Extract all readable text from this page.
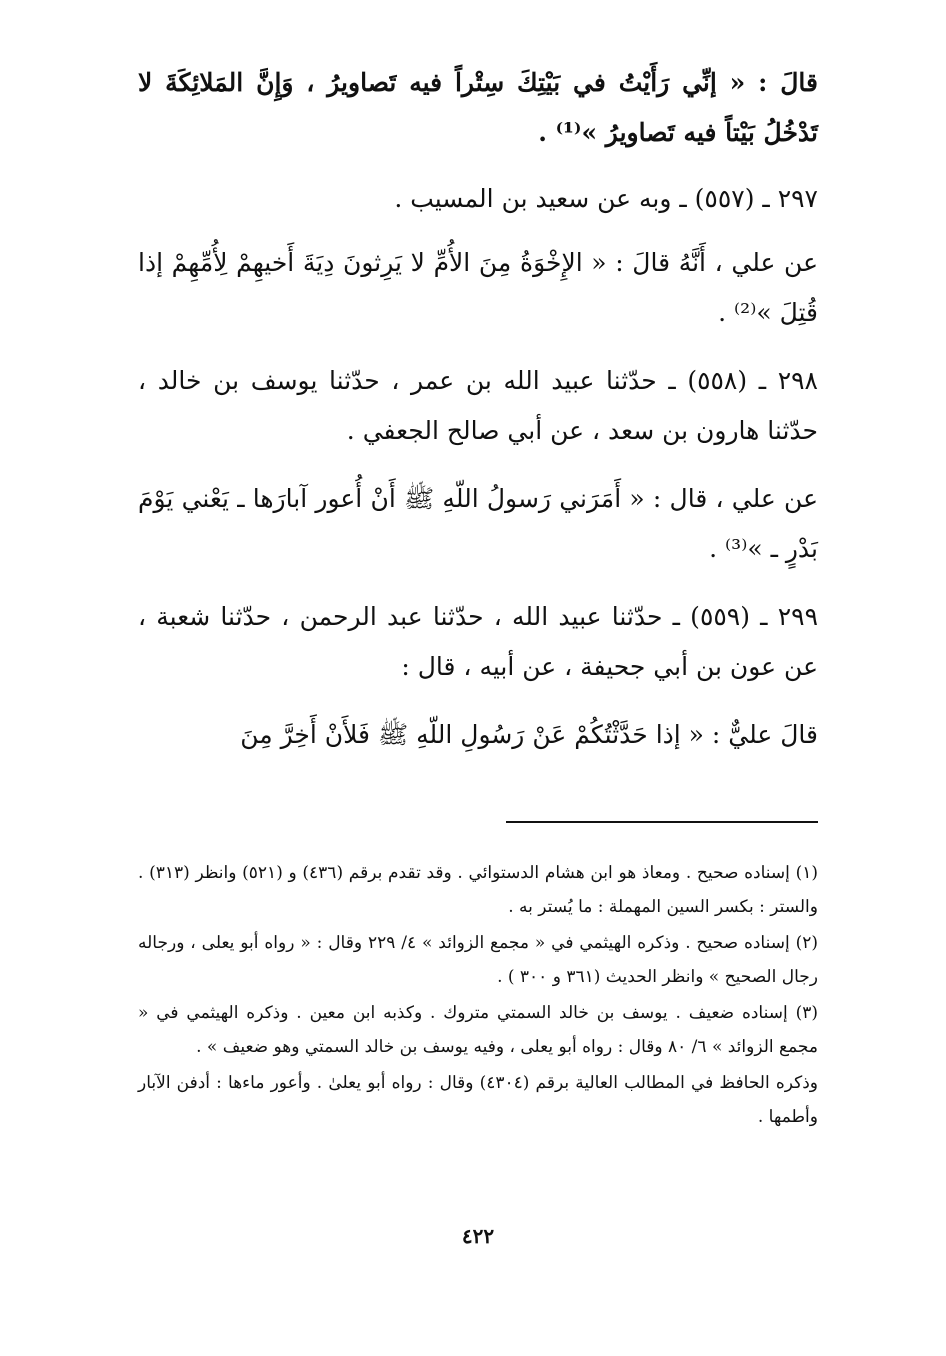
قالَ : « إنِّي رَأَيْتُ في بَيْتِكَ سِتْراً فيه تَصاويرُ ، وَإِنَّ المَلائِكَةَ لا تَدْخُلُ بَيْتاً فيه تَصاويرُ »⁽¹⁾ .

٢٩٧ ـ (٥٥٧) ـ وبه عن سعيد بن المسيب .

عن علي ، أَنَّهُ قالَ : « الإِخْوَةُ مِنَ الأُمِّ لا يَرِثونَ دِيَةَ أَخيهِمْ لِأُمِّهِمْ إذا قُتِلَ »⁽²⁾ .

٢٩٨ ـ (٥٥٨) ـ حدّثنا عبيد الله بن عمر ، حدّثنا يوسف بن خالد ، حدّثنا هارون بن سعد ، عن أبي صالح الجعفي .

عن علي ، قال : « أَمَرَني رَسولُ اللّهِ ﷺ أَنْ أُعور آبارَها ـ يَعْني يَوْمَ بَدْرٍ ـ »⁽³⁾ .

٢٩٩ ـ (٥٥٩) ـ حدّثنا عبيد الله ، حدّثنا عبد الرحمن ، حدّثنا شعبة ، عن عون بن أبي جحيفة ، عن أبيه ، قال :

قالَ عليٌّ : « إذا حَدَّثْتُكُمْ عَنْ رَسُولِ اللّهِ ﷺ فَلأَنْ أَخِرَّ مِنَ

(١) إسناده صحيح . ومعاذ هو ابن هشام الدستوائي . وقد تقدم برقم (٤٣٦) و (٥٢١) وانظر (٣١٣) . والستر : بكسر السين المهملة : ما يُستر به .

(٢) إسناده صحيح . وذكره الهيثمي في « مجمع الزوائد » ٤/ ٢٢٩ وقال : « رواه أبو يعلى ، ورجاله رجال الصحيح » وانظر الحديث (٣٦١ و ٣٠٠ ) .

(٣) إسناده ضعيف . يوسف بن خالد السمتي متروك . وكذبه ابن معين . وذكره الهيثمي في « مجمع الزوائد » ٦/ ٨٠ وقال : رواه أبو يعلى ، وفيه يوسف بن خالد السمتي وهو ضعيف » .

وذكره الحافظ في المطالب العالية برقم (٤٣٠٤) وقال : رواه أبو يعلىٰ . وأعور ماءها : أدفن الآبار وأطمها .

٤٢٢
